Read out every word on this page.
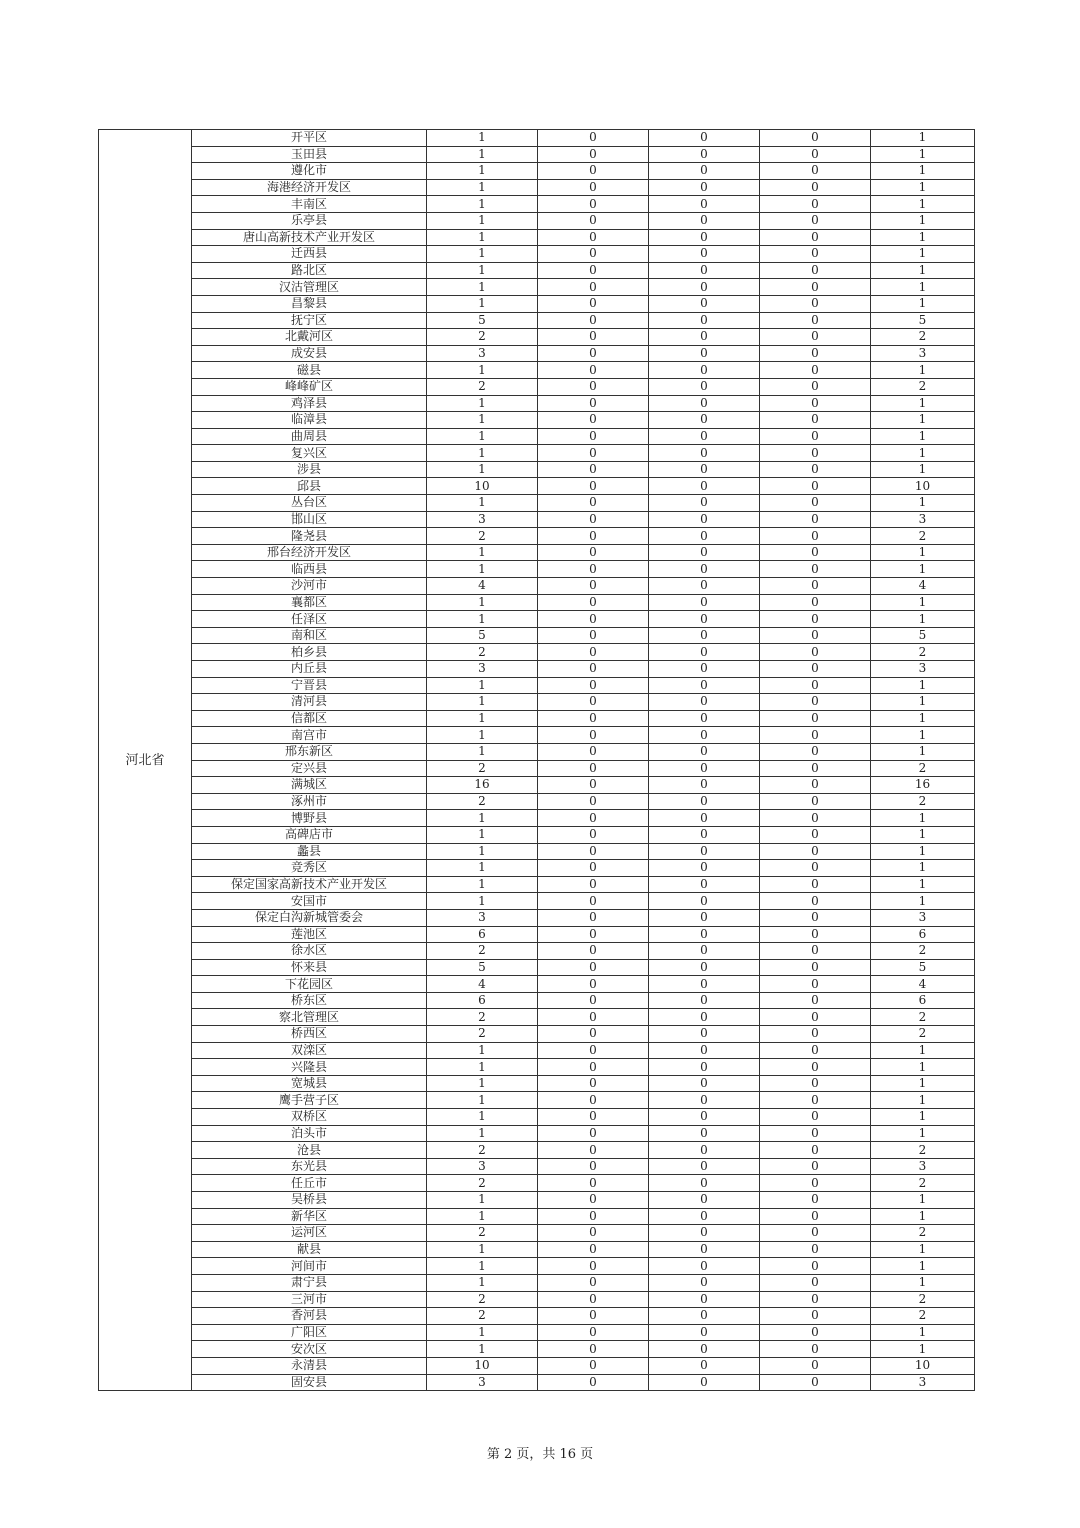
河北省	开平区	1	0	0	0	1
	玉田县	1	0	0	0	1
	遵化市	1	0	0	0	1
	海港经济开发区	1	0	0	0	1
	丰南区	1	0	0	0	1
	乐亭县	1	0	0	0	1
	唐山高新技术产业开发区	1	0	0	0	1
	迁西县	1	0	0	0	1
	路北区	1	0	0	0	1
	汉沽管理区	1	0	0	0	1
	昌黎县	1	0	0	0	1
	抚宁区	5	0	0	0	5
	北戴河区	2	0	0	0	2
	成安县	3	0	0	0	3
	磁县	1	0	0	0	1
	峰峰矿区	2	0	0	0	2
	鸡泽县	1	0	0	0	1
	临漳县	1	0	0	0	1
	曲周县	1	0	0	0	1
	复兴区	1	0	0	0	1
	涉县	1	0	0	0	1
	邱县	10	0	0	0	10
	丛台区	1	0	0	0	1
	邯山区	3	0	0	0	3
	隆尧县	2	0	0	0	2
	邢台经济开发区	1	0	0	0	1
	临西县	1	0	0	0	1
	沙河市	4	0	0	0	4
	襄都区	1	0	0	0	1
	任泽区	1	0	0	0	1
	南和区	5	0	0	0	5
	柏乡县	2	0	0	0	2
	内丘县	3	0	0	0	3
	宁晋县	1	0	0	0	1
	清河县	1	0	0	0	1
	信都区	1	0	0	0	1
	南宫市	1	0	0	0	1
	邢东新区	1	0	0	0	1
	定兴县	2	0	0	0	2
	满城区	16	0	0	0	16
	涿州市	2	0	0	0	2
	博野县	1	0	0	0	1
	高碑店市	1	0	0	0	1
	蠡县	1	0	0	0	1
	竞秀区	1	0	0	0	1
	保定国家高新技术产业开发区	1	0	0	0	1
	安国市	1	0	0	0	1
	保定白沟新城管委会	3	0	0	0	3
	莲池区	6	0	0	0	6
	徐水区	2	0	0	0	2
	怀来县	5	0	0	0	5
	下花园区	4	0	0	0	4
	桥东区	6	0	0	0	6
	察北管理区	2	0	0	0	2
	桥西区	2	0	0	0	2
	双滦区	1	0	0	0	1
	兴隆县	1	0	0	0	1
	宽城县	1	0	0	0	1
	鹰手营子区	1	0	0	0	1
	双桥区	1	0	0	0	1
	泊头市	1	0	0	0	1
	沧县	2	0	0	0	2
	东光县	3	0	0	0	3
	任丘市	2	0	0	0	2
	吴桥县	1	0	0	0	1
	新华区	1	0	0	0	1
	运河区	2	0	0	0	2
	献县	1	0	0	0	1
	河间市	1	0	0	0	1
	肃宁县	1	0	0	0	1
	三河市	2	0	0	0	2
	香河县	2	0	0	0	2
	广阳区	1	0	0	0	1
	安次区	1	0	0	0	1
	永清县	10	0	0	0	10
	固安县	3	0	0	0	3
第 2 页，共 16 页
